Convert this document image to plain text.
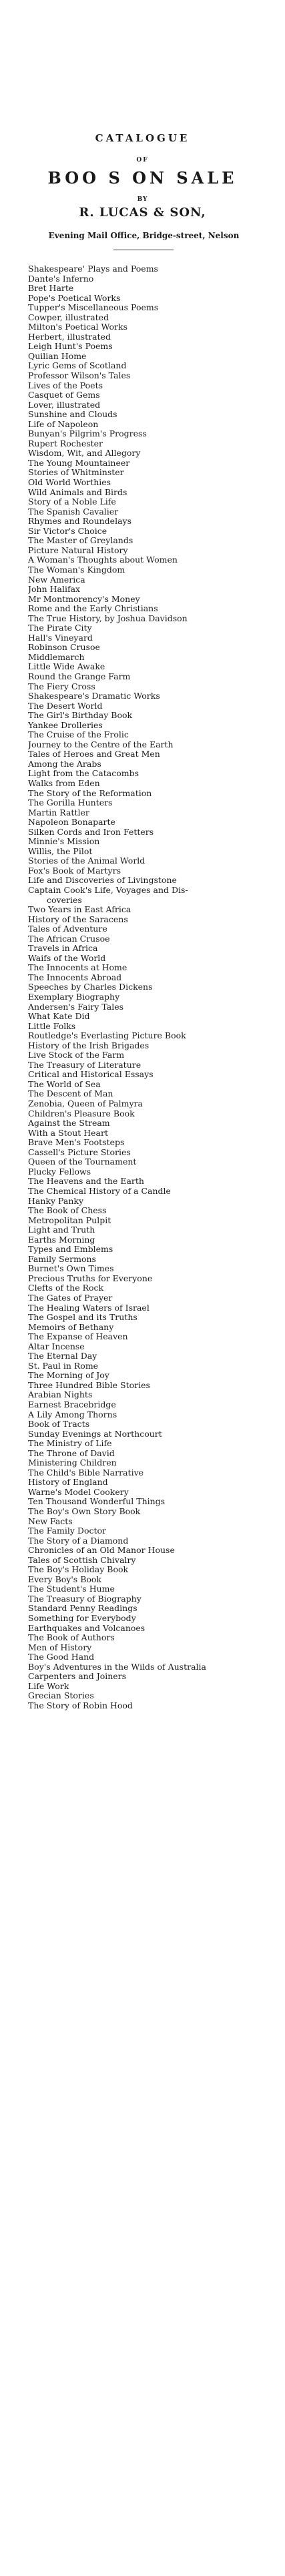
CATALOGUE
OF
BOO S ON SALE
BY
R. LUCAS & SON,
Evening Mail Office, Bridge-street, Nelson
Shakespeare' Plays and Poems
Dante's Inferno
Bret Harte
Pope's Poetical Works
Tupper's Miscellaneous Poems
Cowper, illustrated
Milton's Poetical Works
Herbert, illustrated
Leigh Hunt's Poems
Quilian Home
Lyric Gems of Scotland
Professor Wilson's Tales
Lives of the Poets
Casquet of Gems
Lover, illustrated
Sunshine and Clouds
Life of Napoleon
Bunyan's Pilgrim's Progress
Rupert Rochester
Wisdom, Wit, and Allegory
The Young Mountaineer
Stories of Whitminster
Old World Worthies
Wild Animals and Birds
Story of a Noble Life
The Spanish Cavalier
Rhymes and Roundelays
Sir Victor's Choice
The Master of Greylands
Picture Natural History
A Woman's Thoughts about Women
The Woman's Kingdom
New America
John Halifax
Mr Montmorency's Money
Rome and the Early Christians
The True History, by Joshua Davidson
The Pirate City
Hall's Vineyard
Robinson Crusoe
Middlemarch
Little Wide Awake
Round the Grange Farm
The Fiery Cross
Shakespeare's Dramatic Works
The Desert World
The Girl's Birthday Book
Yankee Drolleries
The Cruise of the Frolic
Journey to the Centre of the Earth
Tales of Heroes and Great Men
Among the Arabs
Light from the Catacombs
Walks from Eden
The Story of the Reformation
The Gorilla Hunters
Martin Rattler
Napoleon Bonaparte
Silken Cords and Iron Fetters
Minnie's Mission
Willis, the Pilot
Stories of the Animal World
Fox's Book of Martyrs
Life and Discoveries of Livingstone
Captain Cook's Life, Voyages and Dis-
coveries
Two Years in East Africa
History of the Saracens
Tales of Adventure
The African Crusoe
Travels in Africa
Waifs of the World
The Innocents at Home
The Innocents Abroad
Speeches by Charles Dickens
Exemplary Biography
Andersen's Fairy Tales
What Kate Did
Little Folks
Routledge's Everlasting Picture Book
History of the Irish Brigades
Live Stock of the Farm
The Treasury of Literature
Critical and Historical Essays
The World of Sea
The Descent of Man
Zenobia, Queen of Palmyra
Children's Pleasure Book
Against the Stream
With a Stout Heart
Brave Men's Footsteps
Cassell's Picture Stories
Queen of the Tournament
Plucky Fellows
The Heavens and the Earth
The Chemical History of a Candle
Hanky Panky
The Book of Chess
Metropolitan Pulpit
Light and Truth
Earths Morning
Types and Emblems
Family Sermons
Burnet's Own Times
Precious Truths for Everyone
Clefts of the Rock
The Gates of Prayer
The Healing Waters of Israel
The Gospel and its Truths
Memoirs of Bethany
The Expanse of Heaven
Altar Incense
The Eternal Day
St. Paul in Rome
The Morning of Joy
Three Hundred Bible Stories
Arabian Nights
Earnest Bracebridge
A Lily Among Thorns
Book of Tracts
Sunday Evenings at Northcourt
The Ministry of Life
The Throne of David
Ministering Children
The Child's Bible Narrative
History of England
Warne's Model Cookery
Ten Thousand Wonderful Things
The Boy's Own Story Book
New Facts
The Family Doctor
The Story of a Diamond
Chronicles of an Old Manor House
Tales of Scottish Chivalry
The Boy's Holiday Book
Every Boy's Book
The Student's Hume
The Treasury of Biography
Standard Penny Readings
Something for Everybody
Earthquakes and Volcanoes
The Book of Authors
Men of History
The Good Hand
Boy's Adventures in the Wilds of Australia
Carpenters and Joiners
Life Work
Grecian Stories
The Story of Robin Hood
